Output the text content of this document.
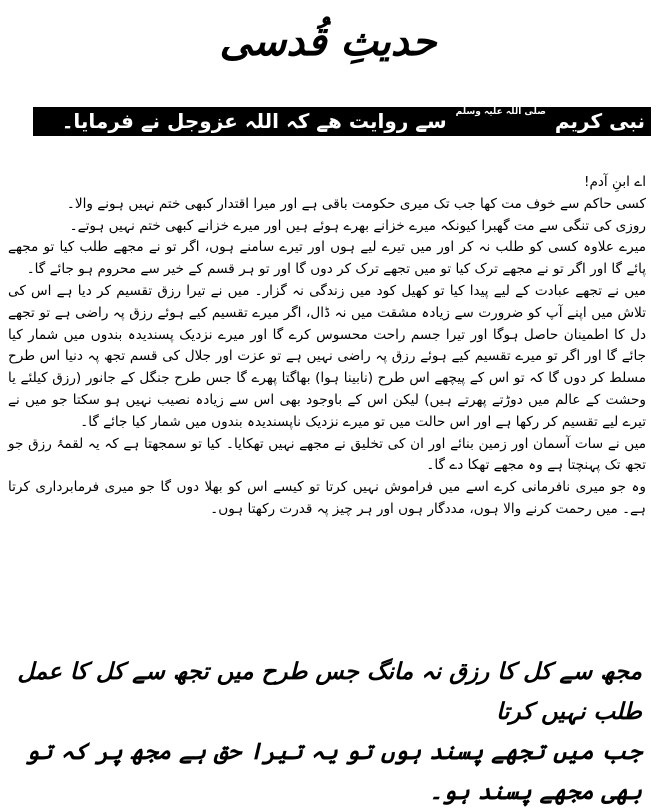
حدیثِ قُدسی
نبی کریم صلی اللہ علیہ وسلم سے روایت ھے کہ اللہ عزوجل نے فرمایا۔

اے ابنِ آدم!

کسی حاکم سے خوف مت کھا جب تک میری حکومت باقی ہے اور میرا اقتدار کبھی ختم نہیں ہونے والا۔

روزی کی تنگی سے مت گھبرا کیونکہ میرے خزانے بھرے ہوئے ہیں اور میرے خزانے کبھی ختم نہیں ہوتے۔

میرے علاوہ کسی کو طلب نہ کر اور میں تیرے لیے ہوں اور تیرے سامنے ہوں، اگر تو نے مجھے طلب کیا تو مجھے پائے گا اور اگر تو نے مجھے ترک کیا تو میں تجھے ترک کر دوں گا اور تو ہر قسم کے خیر سے محروم ہو جائے گا۔

میں نے تجھے عبادت کے لیے پیدا کیا تو کھیل کود میں زندگی نہ گزار۔ میں نے تیرا رزق تقسیم کر دیا ہے اس کی تلاش میں اپنے آپ کو ضرورت سے زیادہ مشقت میں نہ ڈال، اگر میرے تقسیم کیے ہوئے رزق پہ راضی ہے تو تجھے دل کا اطمینان حاصل ہوگا اور تیرا جسم راحت محسوس کرے گا اور میرے نزدیک پسندیدہ بندوں میں شمار کیا جائے گا اور اگر تو میرے تقسیم کیے ہوئے رزق پہ راضی نہیں ہے تو عزت اور جلال کی قسم تجھ پہ دنیا اس طرح مسلط کر دوں گا کہ تو اس کے پیچھے اس طرح (نابینا ہوا) بھاگتا پھرے گا جس طرح جنگل کے جانور (رزق کیلئے یا وحشت کے عالم میں دوڑتے پھرتے ہیں) لیکن اس کے باوجود بھی اس سے زیادہ نصیب نہیں ہو سکتا جو میں نے تیرے لیے تقسیم کر رکھا ہے اور اس حالت میں تو میرے نزدیک ناپسندیدہ بندوں میں شمار کیا جائے گا۔

میں نے سات آسمان اور زمین بنائے اور ان کی تخلیق نے مجھے نہیں تھکایا۔ کیا تو سمجھتا ہے کہ یہ لقمۂ رزق جو تجھ تک پہنچتا ہے وہ مجھے تھکا دے گا۔

وہ جو میری نافرمانی کرے اسے میں فراموش نہیں کرتا تو کیسے اس کو بھلا دوں گا جو میری فرمابرداری کرتا ہے۔ میں رحمت کرنے والا ہوں، مددگار ہوں اور ہر چیز پہ قدرت رکھتا ہوں۔

مجھ سے کل کا رزق نہ مانگ جس طرح میں تجھ سے کل کا عمل طلب نہیں کرتا

جب میں تجھے پسند ہوں تو یہ تیرا حق ہے مجھ پر کہ تو بھی مجھے پسند ہو۔
